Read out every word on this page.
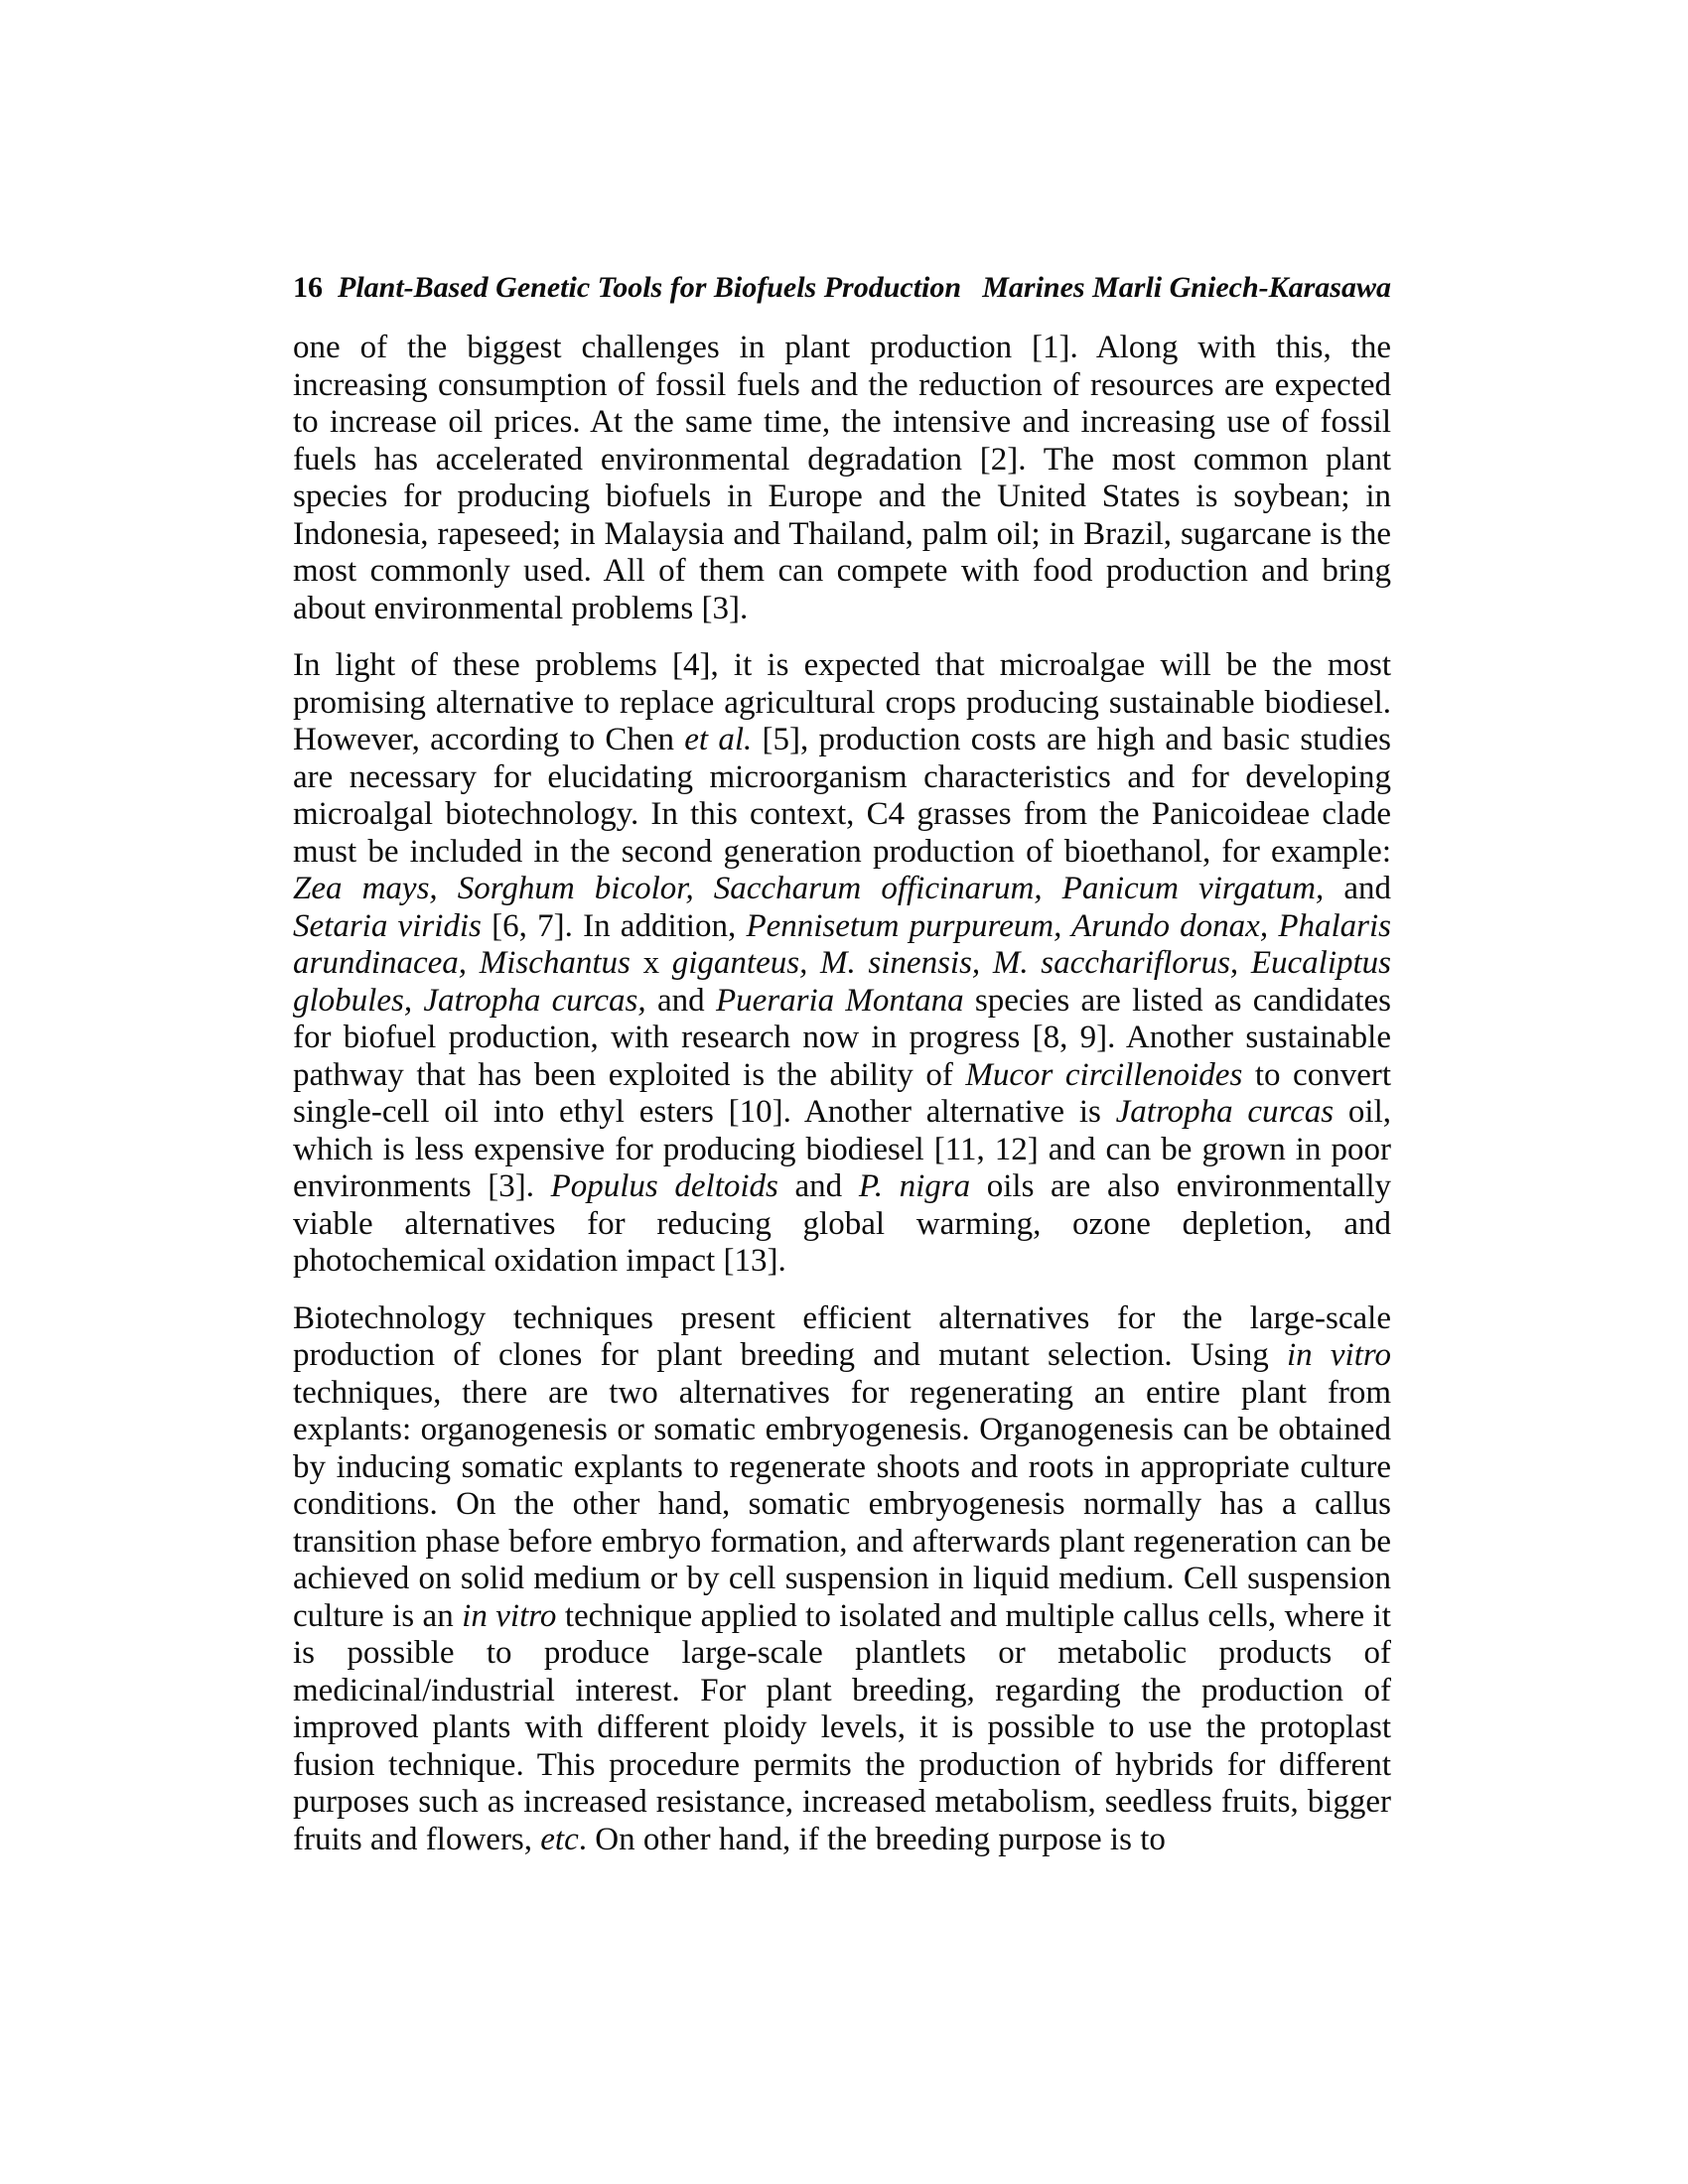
16 Plant-Based Genetic Tools for Biofuels Production Marines Marli Gniech-Karasawa

one of the biggest challenges in plant production [1]. Along with this, the increasing consumption of fossil fuels and the reduction of resources are expected to increase oil prices. At the same time, the intensive and increasing use of fossil fuels has accelerated environmental degradation [2]. The most common plant species for producing biofuels in Europe and the United States is soybean; in Indonesia, rapeseed; in Malaysia and Thailand, palm oil; in Brazil, sugarcane is the most commonly used. All of them can compete with food production and bring about environmental problems [3].

In light of these problems [4], it is expected that microalgae will be the most promising alternative to replace agricultural crops producing sustainable biodiesel. However, according to Chen et al. [5], production costs are high and basic studies are necessary for elucidating microorganism characteristics and for developing microalgal biotechnology. In this context, C4 grasses from the Panicoideae clade must be included in the second generation production of bioethanol, for example: Zea mays, Sorghum bicolor, Saccharum officinarum, Panicum virgatum, and Setaria viridis [6, 7]. In addition, Pennisetum purpureum, Arundo donax, Phalaris arundinacea, Mischantus x giganteus, M. sinensis, M. sacchariflorus, Eucaliptus globules, Jatropha curcas, and Pueraria Montana species are listed as candidates for biofuel production, with research now in progress [8, 9]. Another sustainable pathway that has been exploited is the ability of Mucor circillenoides to convert single-cell oil into ethyl esters [10]. Another alternative is Jatropha curcas oil, which is less expensive for producing biodiesel [11, 12] and can be grown in poor environments [3]. Populus deltoids and P. nigra oils are also environmentally viable alternatives for reducing global warming, ozone depletion, and photochemical oxidation impact [13].

Biotechnology techniques present efficient alternatives for the large-scale production of clones for plant breeding and mutant selection. Using in vitro techniques, there are two alternatives for regenerating an entire plant from explants: organogenesis or somatic embryogenesis. Organogenesis can be obtained by inducing somatic explants to regenerate shoots and roots in appropriate culture conditions. On the other hand, somatic embryogenesis normally has a callus transition phase before embryo formation, and afterwards plant regeneration can be achieved on solid medium or by cell suspension in liquid medium. Cell suspension culture is an in vitro technique applied to isolated and multiple callus cells, where it is possible to produce large-scale plantlets or metabolic products of medicinal/industrial interest. For plant breeding, regarding the production of improved plants with different ploidy levels, it is possible to use the protoplast fusion technique. This procedure permits the production of hybrids for different purposes such as increased resistance, increased metabolism, seedless fruits, bigger fruits and flowers, etc. On other hand, if the breeding purpose is to
